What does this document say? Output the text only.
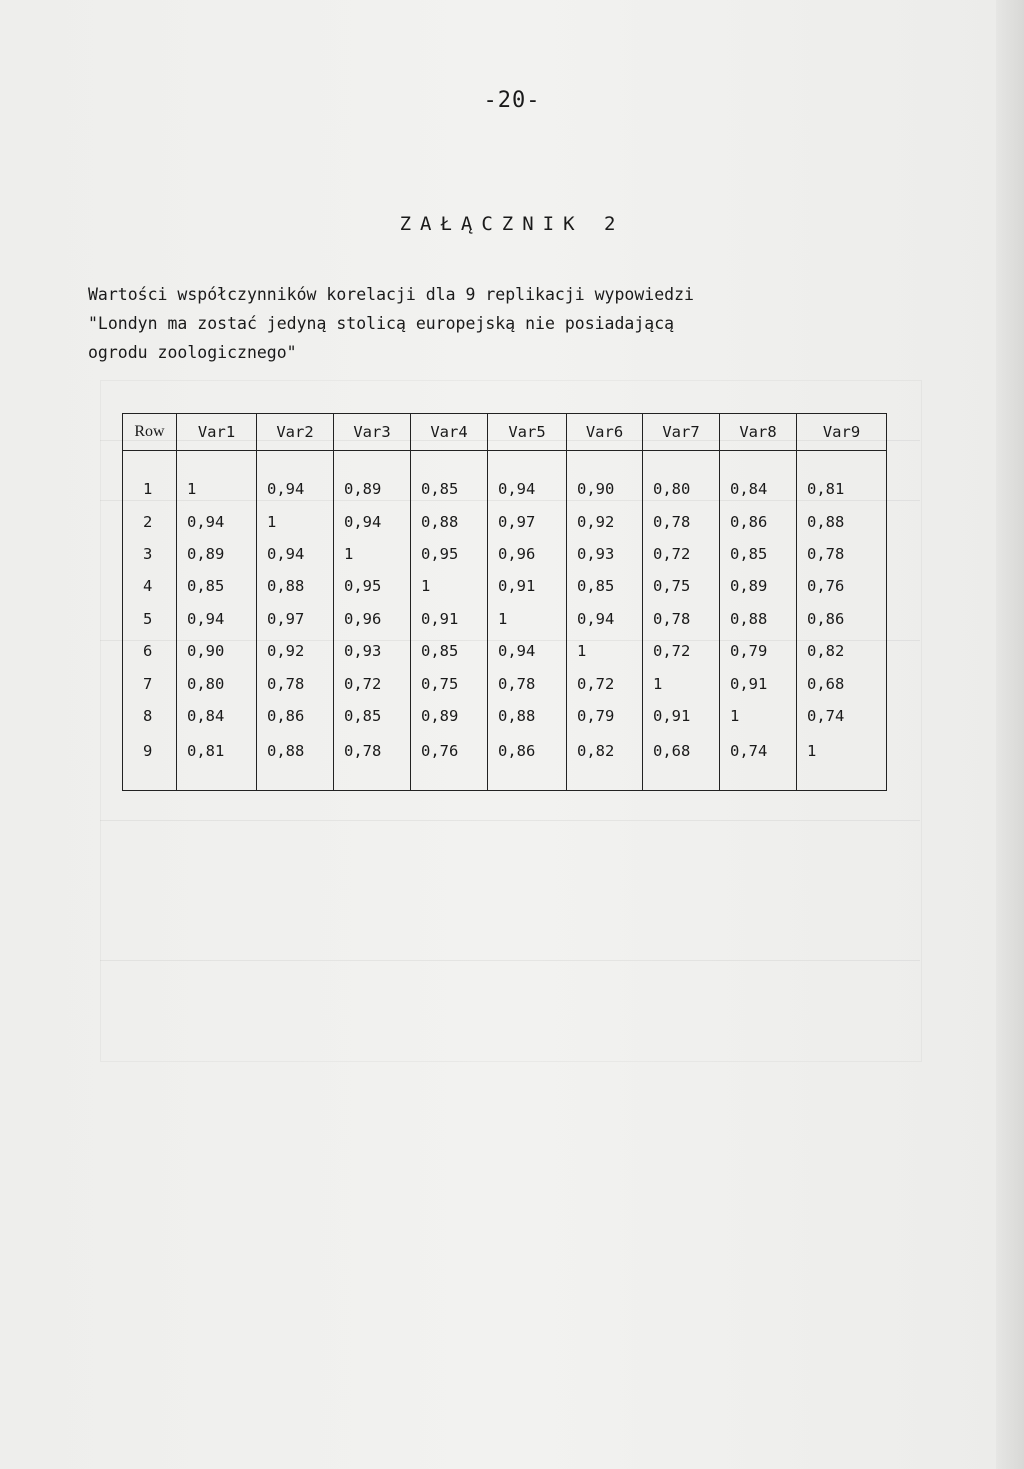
-20-
ZAŁĄCZNIK 2
Wartości współczynników korelacji dla 9 replikacji wypowiedzi
"Londyn ma zostać jedyną stolicą europejską nie posiadającą
ogrodu zoologicznego"
Row	Var1	Var2	Var3	Var4	Var5	Var6	Var7	Var8	Var9

1	1	0,94	0,89	0,85	0,94	0,90	0,80	0,84	0,81
2	0,94	1	0,94	0,88	0,97	0,92	0,78	0,86	0,88
3	0,89	0,94	1	0,95	0,96	0,93	0,72	0,85	0,78
4	0,85	0,88	0,95	1	0,91	0,85	0,75	0,89	0,76
5	0,94	0,97	0,96	0,91	1	0,94	0,78	0,88	0,86
6	0,90	0,92	0,93	0,85	0,94	1	0,72	0,79	0,82
7	0,80	0,78	0,72	0,75	0,78	0,72	1	0,91	0,68
8	0,84	0,86	0,85	0,89	0,88	0,79	0,91	1	0,74
9	0,81	0,88	0,78	0,76	0,86	0,82	0,68	0,74	1
